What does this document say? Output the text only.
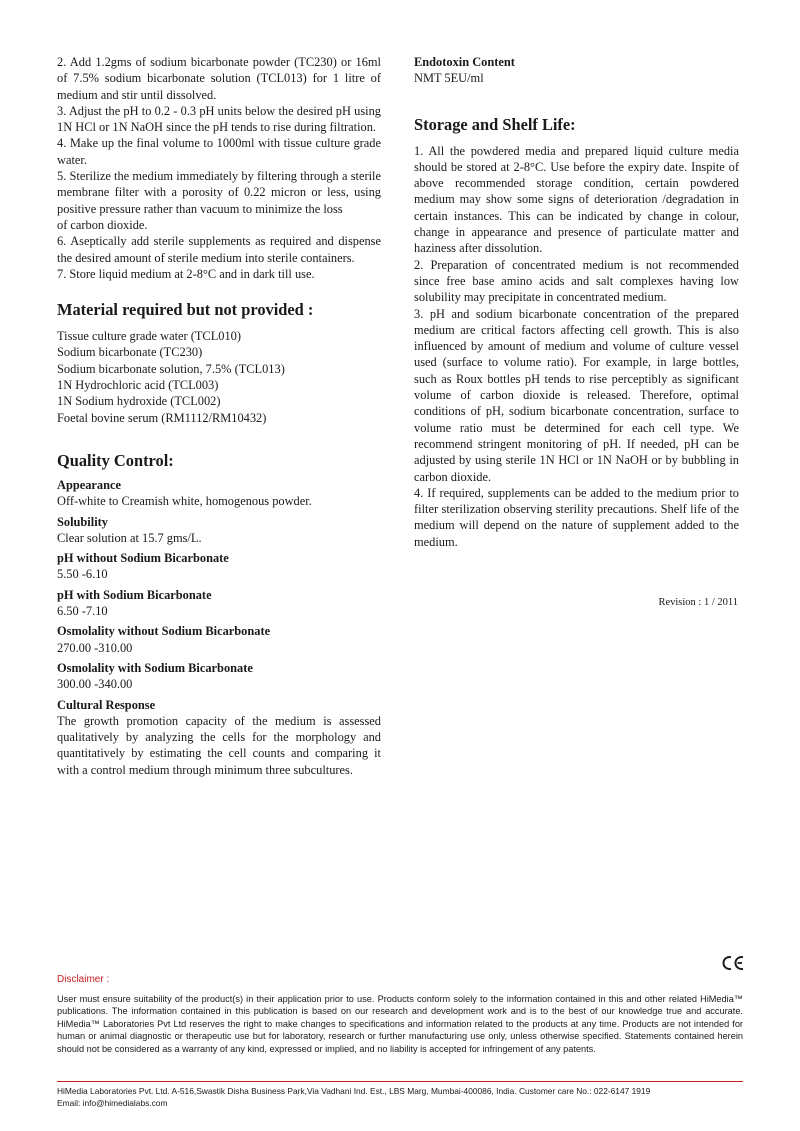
2. Add 1.2gms of sodium bicarbonate powder (TC230) or 16ml of 7.5% sodium bicarbonate solution (TCL013) for 1 litre of medium and stir until dissolved.

3. Adjust the pH to 0.2 - 0.3 pH units below the desired pH using 1N HCl or 1N NaOH since the pH tends to rise during filtration.

4. Make up the final volume to 1000ml with tissue culture grade water.

5. Sterilize the medium immediately by filtering through a sterile membrane filter with a porosity of 0.22 micron or less, using positive pressure rather than vacuum to minimize the loss

of carbon dioxide.

6. Aseptically add sterile supplements as required and dispense the desired amount of sterile medium into sterile containers.

7. Store liquid medium at 2-8°C and in dark till use.

Material required but not provided :

Tissue culture grade water (TCL010)

Sodium bicarbonate (TC230)

Sodium bicarbonate solution, 7.5% (TCL013)

1N Hydrochloric acid (TCL003)

1N Sodium hydroxide (TCL002)

Foetal bovine serum (RM1112/RM10432)

Quality Control:

Appearance

Off-white to Creamish white, homogenous powder.

Solubility

Clear solution at 15.7 gms/L.

pH without Sodium Bicarbonate

5.50 -6.10

pH with Sodium Bicarbonate

6.50 -7.10

Osmolality without Sodium Bicarbonate

270.00 -310.00

Osmolality with Sodium Bicarbonate

300.00 -340.00

Cultural Response

The growth promotion capacity of the medium is assessed qualitatively by analyzing the cells for the morphology and quantitatively by estimating the cell counts and comparing it with a control medium through minimum three subcultures.

Endotoxin Content

NMT 5EU/ml

Storage and Shelf Life:

1. All the powdered media and prepared liquid culture media should be stored at 2-8°C. Use before the expiry date. Inspite of above recommended storage condition, certain powdered medium may show some signs of deterioration /degradation in certain instances. This can be indicated by change in colour, change in appearance and presence of particulate matter and haziness after dissolution.

2. Preparation of concentrated medium is not recommended since free base amino acids and salt complexes having low solubility may precipitate in concentrated medium.

3. pH and sodium bicarbonate concentration of the prepared medium are critical factors affecting cell growth. This is also influenced by amount of medium and volume of culture vessel used (surface to volume ratio). For example, in large bottles, such as Roux bottles pH tends to rise perceptibly as significant volume of carbon dioxide is released. Therefore, optimal conditions of pH, sodium bicarbonate concentration, surface to volume ratio must be determined for each cell type. We recommend stringent monitoring of pH. If needed, pH can be adjusted by using sterile 1N HCl or 1N NaOH or by bubbling in carbon dioxide.

4. If required, supplements can be added to the medium prior to filter sterilization observing sterility precautions. Shelf life of the medium will depend on the nature of supplement added to the medium.

Revision : 1 / 2011

Disclaimer :

User must ensure suitability of the product(s) in their application prior to use. Products conform solely to the information contained in this and other related HiMedia™ publications. The information contained in this publication is based on our research and development work and is to the best of our knowledge true and accurate. HiMedia™ Laboratories Pvt Ltd reserves the right to make changes to specifications and information related to the products at any time. Products are not intended for human or animal diagnostic or therapeutic use but for laboratory, research or further manufacturing use only, unless otherwise specified. Statements contained herein should not be considered as a warranty of any kind, expressed or implied, and no liability is accepted for infringement of any patents.

HiMedia Laboratories Pvt. Ltd. A-516,Swastik Disha Business Park,Via Vadhani Ind. Est., LBS Marg, Mumbai-400086, India. Customer care No.: 022-6147 1919

Email: info@himedialabs.com
